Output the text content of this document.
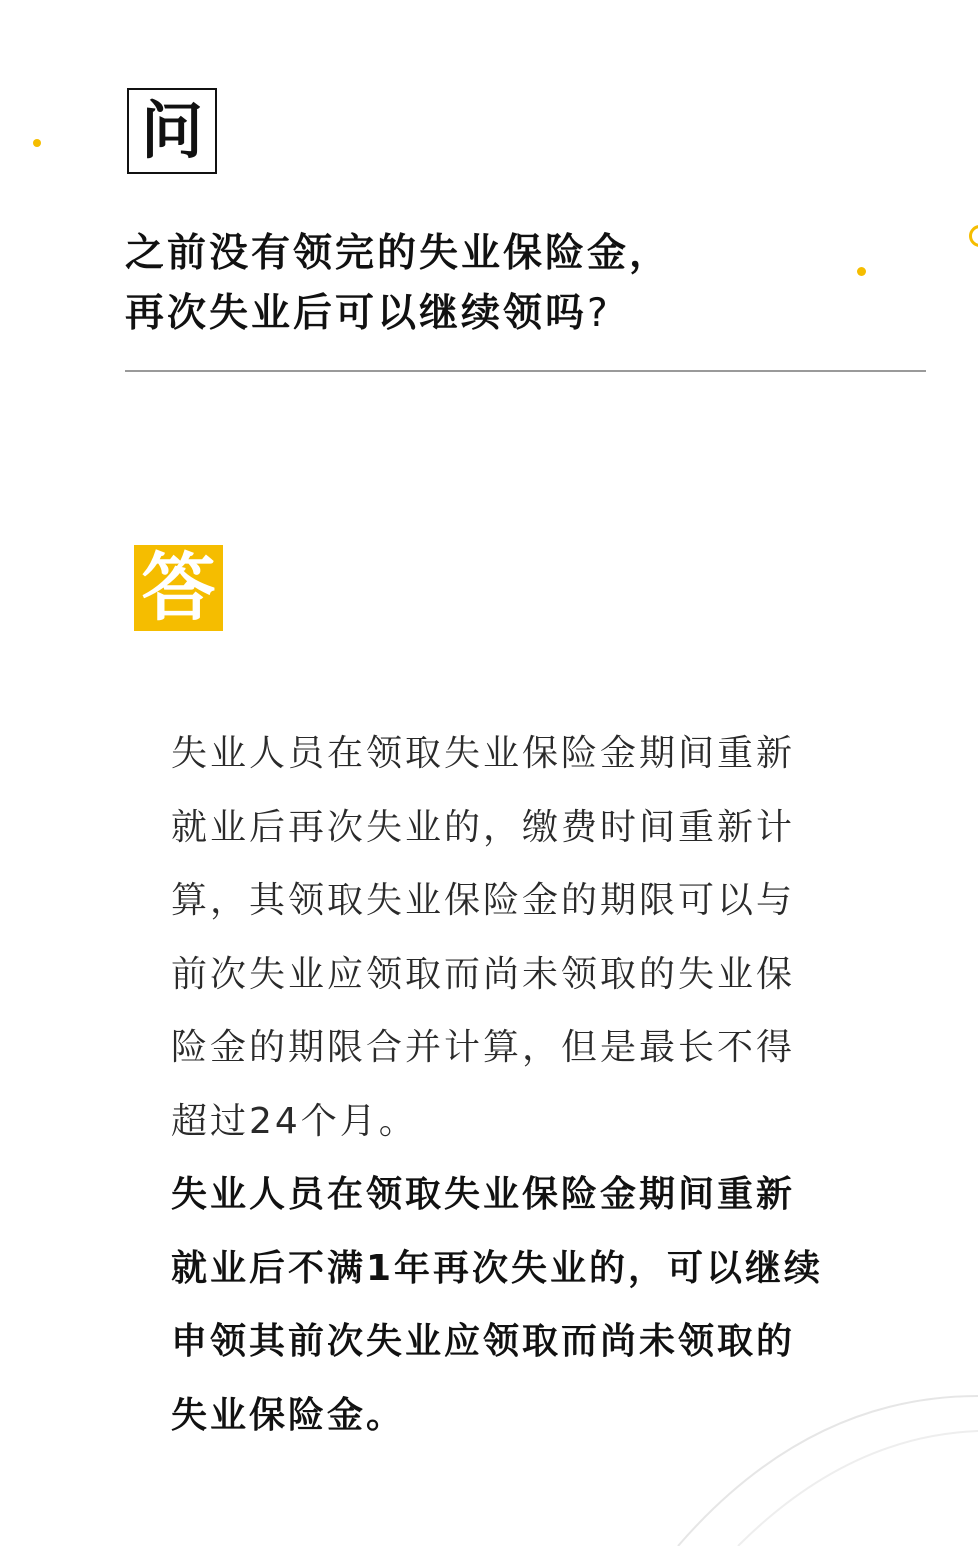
问
之前没有领完的失业保险金，
再次失业后可以继续领吗?
答

失业人员在领取失业保险金期间重新
就业后再次失业的，缴费时间重新计
算，其领取失业保险金的期限可以与
前次失业应领取而尚未领取的失业保
险金的期限合并计算，但是最长不得
超过24个月。

失业人员在领取失业保险金期间重新
就业后不满1年再次失业的，可以继续
申领其前次失业应领取而尚未领取的
失业保险金。
